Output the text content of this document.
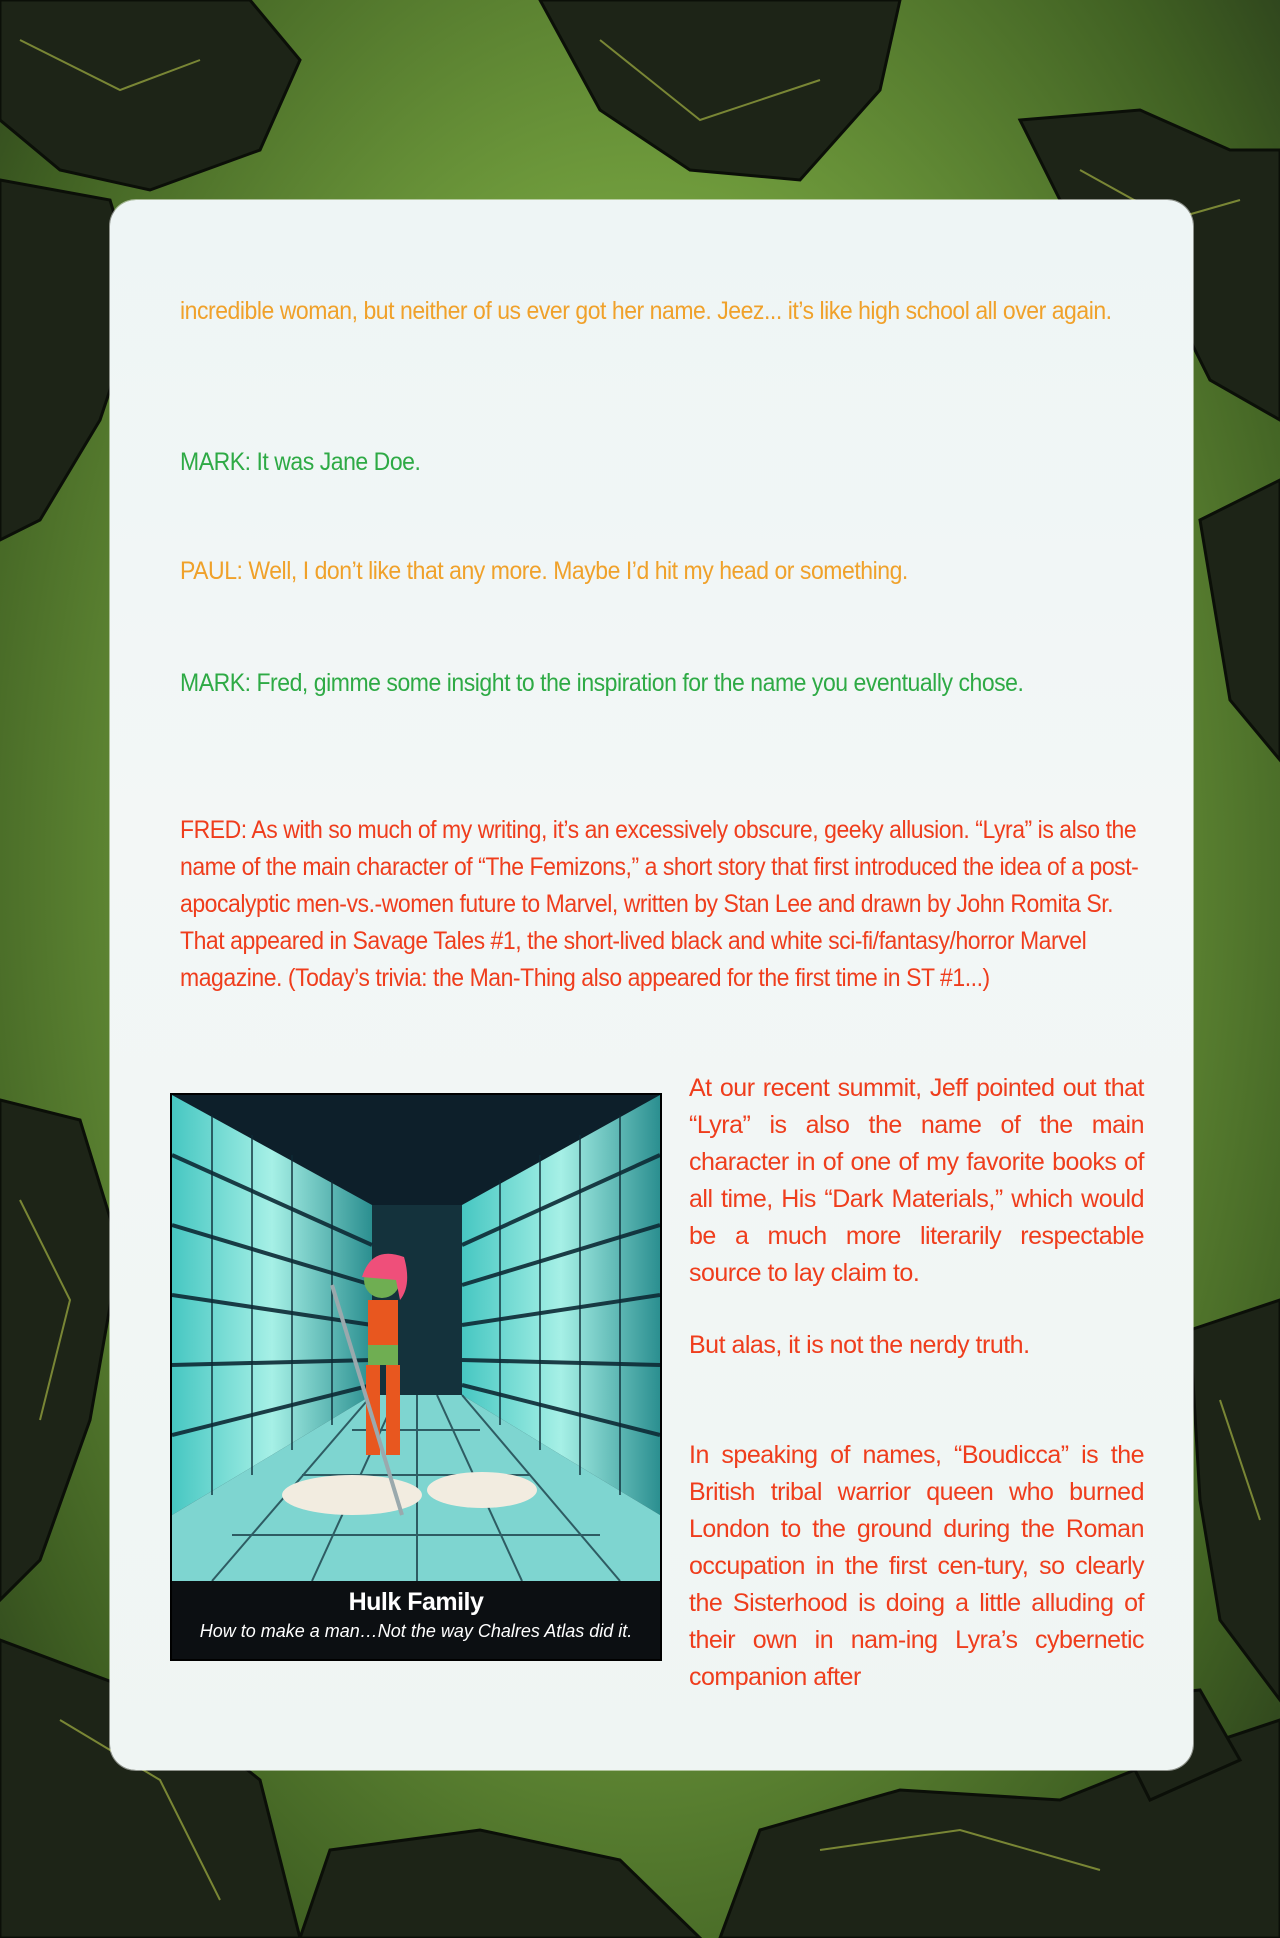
incredible woman, but neither of us ever got her name. Jeez... it’s like high school all over again.

MARK: It was Jane Doe.

PAUL: Well, I don’t like that any more. Maybe I’d hit my head or something.

MARK: Fred, gimme some insight to the inspiration for the name you eventually chose.

FRED: As with so much of my writing, it’s an excessively obscure, geeky allusion. “Lyra” is also the name of the main character of “The Femizons,” a short story that first introduced the idea of a post-apocalyptic men-vs.-women future to Marvel, written by Stan Lee and drawn by John Romita Sr. That appeared in Savage Tales #1, the short-lived black and white sci-fi/fantasy/horror Marvel magazine. (Today’s trivia: the Man-Thing also appeared for the first time in ST #1...)

Hulk Family
How to make a man…Not the way Chalres Atlas did it.

At our recent summit, Jeff pointed out that “Lyra” is also the name of the main character in of one of my favorite books of all time, His “Dark Materials,” which would be a much more literarily respectable source to lay claim to.

But alas, it is not the nerdy truth.

In speaking of names, “Boudicca” is the British tribal warrior queen who burned London to the ground during the Roman occupation in the first cen-tury, so clearly the Sisterhood is doing a little alluding of their own in nam-ing Lyra’s cybernetic companion after
